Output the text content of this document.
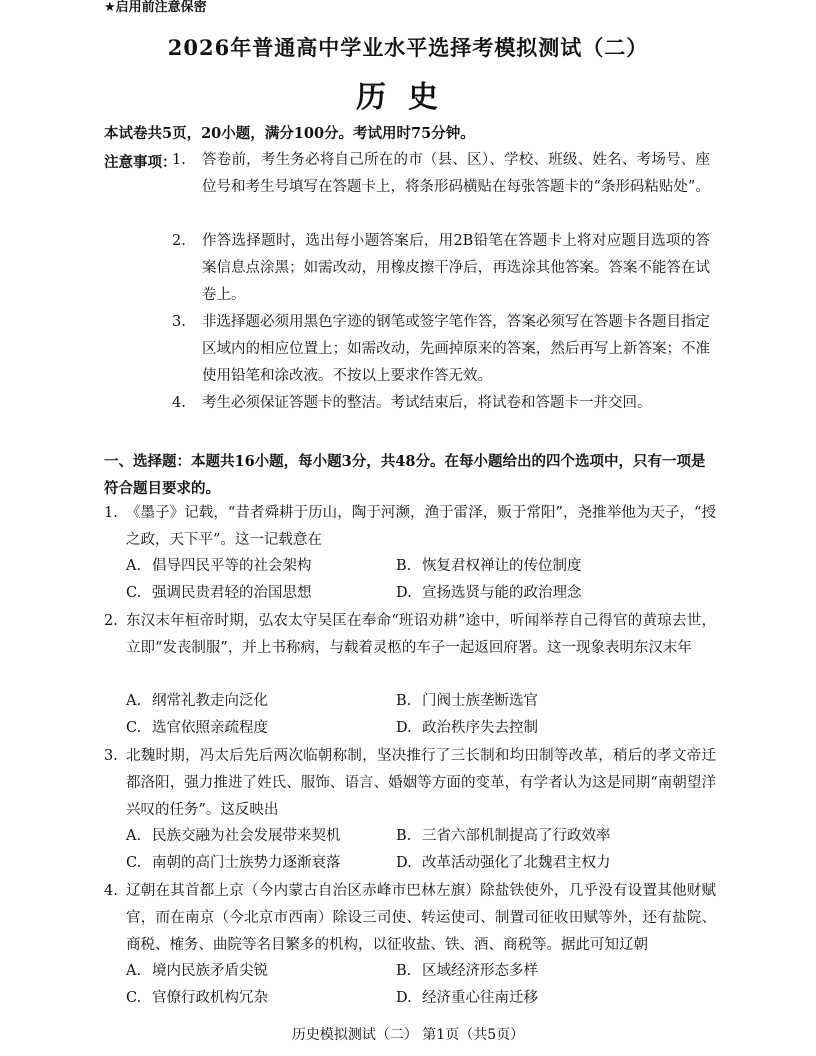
★启用前注意保密
2026年普通高中学业水平选择考模拟测试（二）
历史
本试卷共5页，20小题，满分100分。考试用时75分钟。
注意事项：
1. 答卷前，考生务必将自己所在的市（县、区）、学校、班级、姓名、考场号、座位号和考生号填写在答题卡上，将条形码横贴在每张答题卡的“条形码粘贴处”。
2. 作答选择题时，选出每小题答案后，用2B铅笔在答题卡上将对应题目选项的答案信息点涂黑；如需改动，用橡皮擦干净后，再选涂其他答案。答案不能答在试卷上。
3. 非选择题必须用黑色字迹的钢笔或签字笔作答，答案必须写在答题卡各题目指定区域内的相应位置上；如需改动，先画掉原来的答案，然后再写上新答案；不准使用铅笔和涂改液。不按以上要求作答无效。
4. 考生必须保证答题卡的整洁。考试结束后，将试卷和答题卡一并交回。
一、选择题：本题共16小题，每小题3分，共48分。在每小题给出的四个选项中，只有一项是符合题目要求的。
1. 《墨子》记载，“昔者舜耕于历山，陶于河濒，渔于雷泽，贩于常阳”，尧推举他为天子，“授之政，天下平”。这一记载意在
A. 倡导四民平等的社会架构	B. 恢复君权禅让的传位制度
C. 强调民贵君轻的治国思想	D. 宣扬选贤与能的政治理念
2. 东汉末年桓帝时期，弘农太守吴匡在奉命“班诏劝耕”途中，听闻举荐自己得官的黄琼去世，立即“发丧制服”，并上书称病，与载着灵柩的车子一起返回府署。这一现象表明东汉末年
A. 纲常礼教走向泛化	B. 门阀士族垄断选官
C. 选官依照亲疏程度	D. 政治秩序失去控制
3. 北魏时期，冯太后先后两次临朝称制，坚决推行了三长制和均田制等改革，稍后的孝文帝迁都洛阳，强力推进了姓氏、服饰、语言、婚姻等方面的变革，有学者认为这是同期“南朝望洋兴叹的任务”。这反映出
A. 民族交融为社会发展带来契机	B. 三省六部机制提高了行政效率
C. 南朝的高门士族势力逐渐衰落	D. 改革活动强化了北魏君主权力
4. 辽朝在其首都上京（今内蒙古自治区赤峰市巴林左旗）除盐铁使外，几乎没有设置其他财赋官，而在南京（今北京市西南）除设三司使、转运使司、制置司征收田赋等外，还有盐院、商税、榷务、曲院等名目繁多的机构，以征收盐、铁、酒、商税等。据此可知辽朝
A. 境内民族矛盾尖锐	B. 区域经济形态多样
C. 官僚行政机构冗杂	D. 经济重心往南迁移
历史模拟测试（二） 第1页（共5页）
